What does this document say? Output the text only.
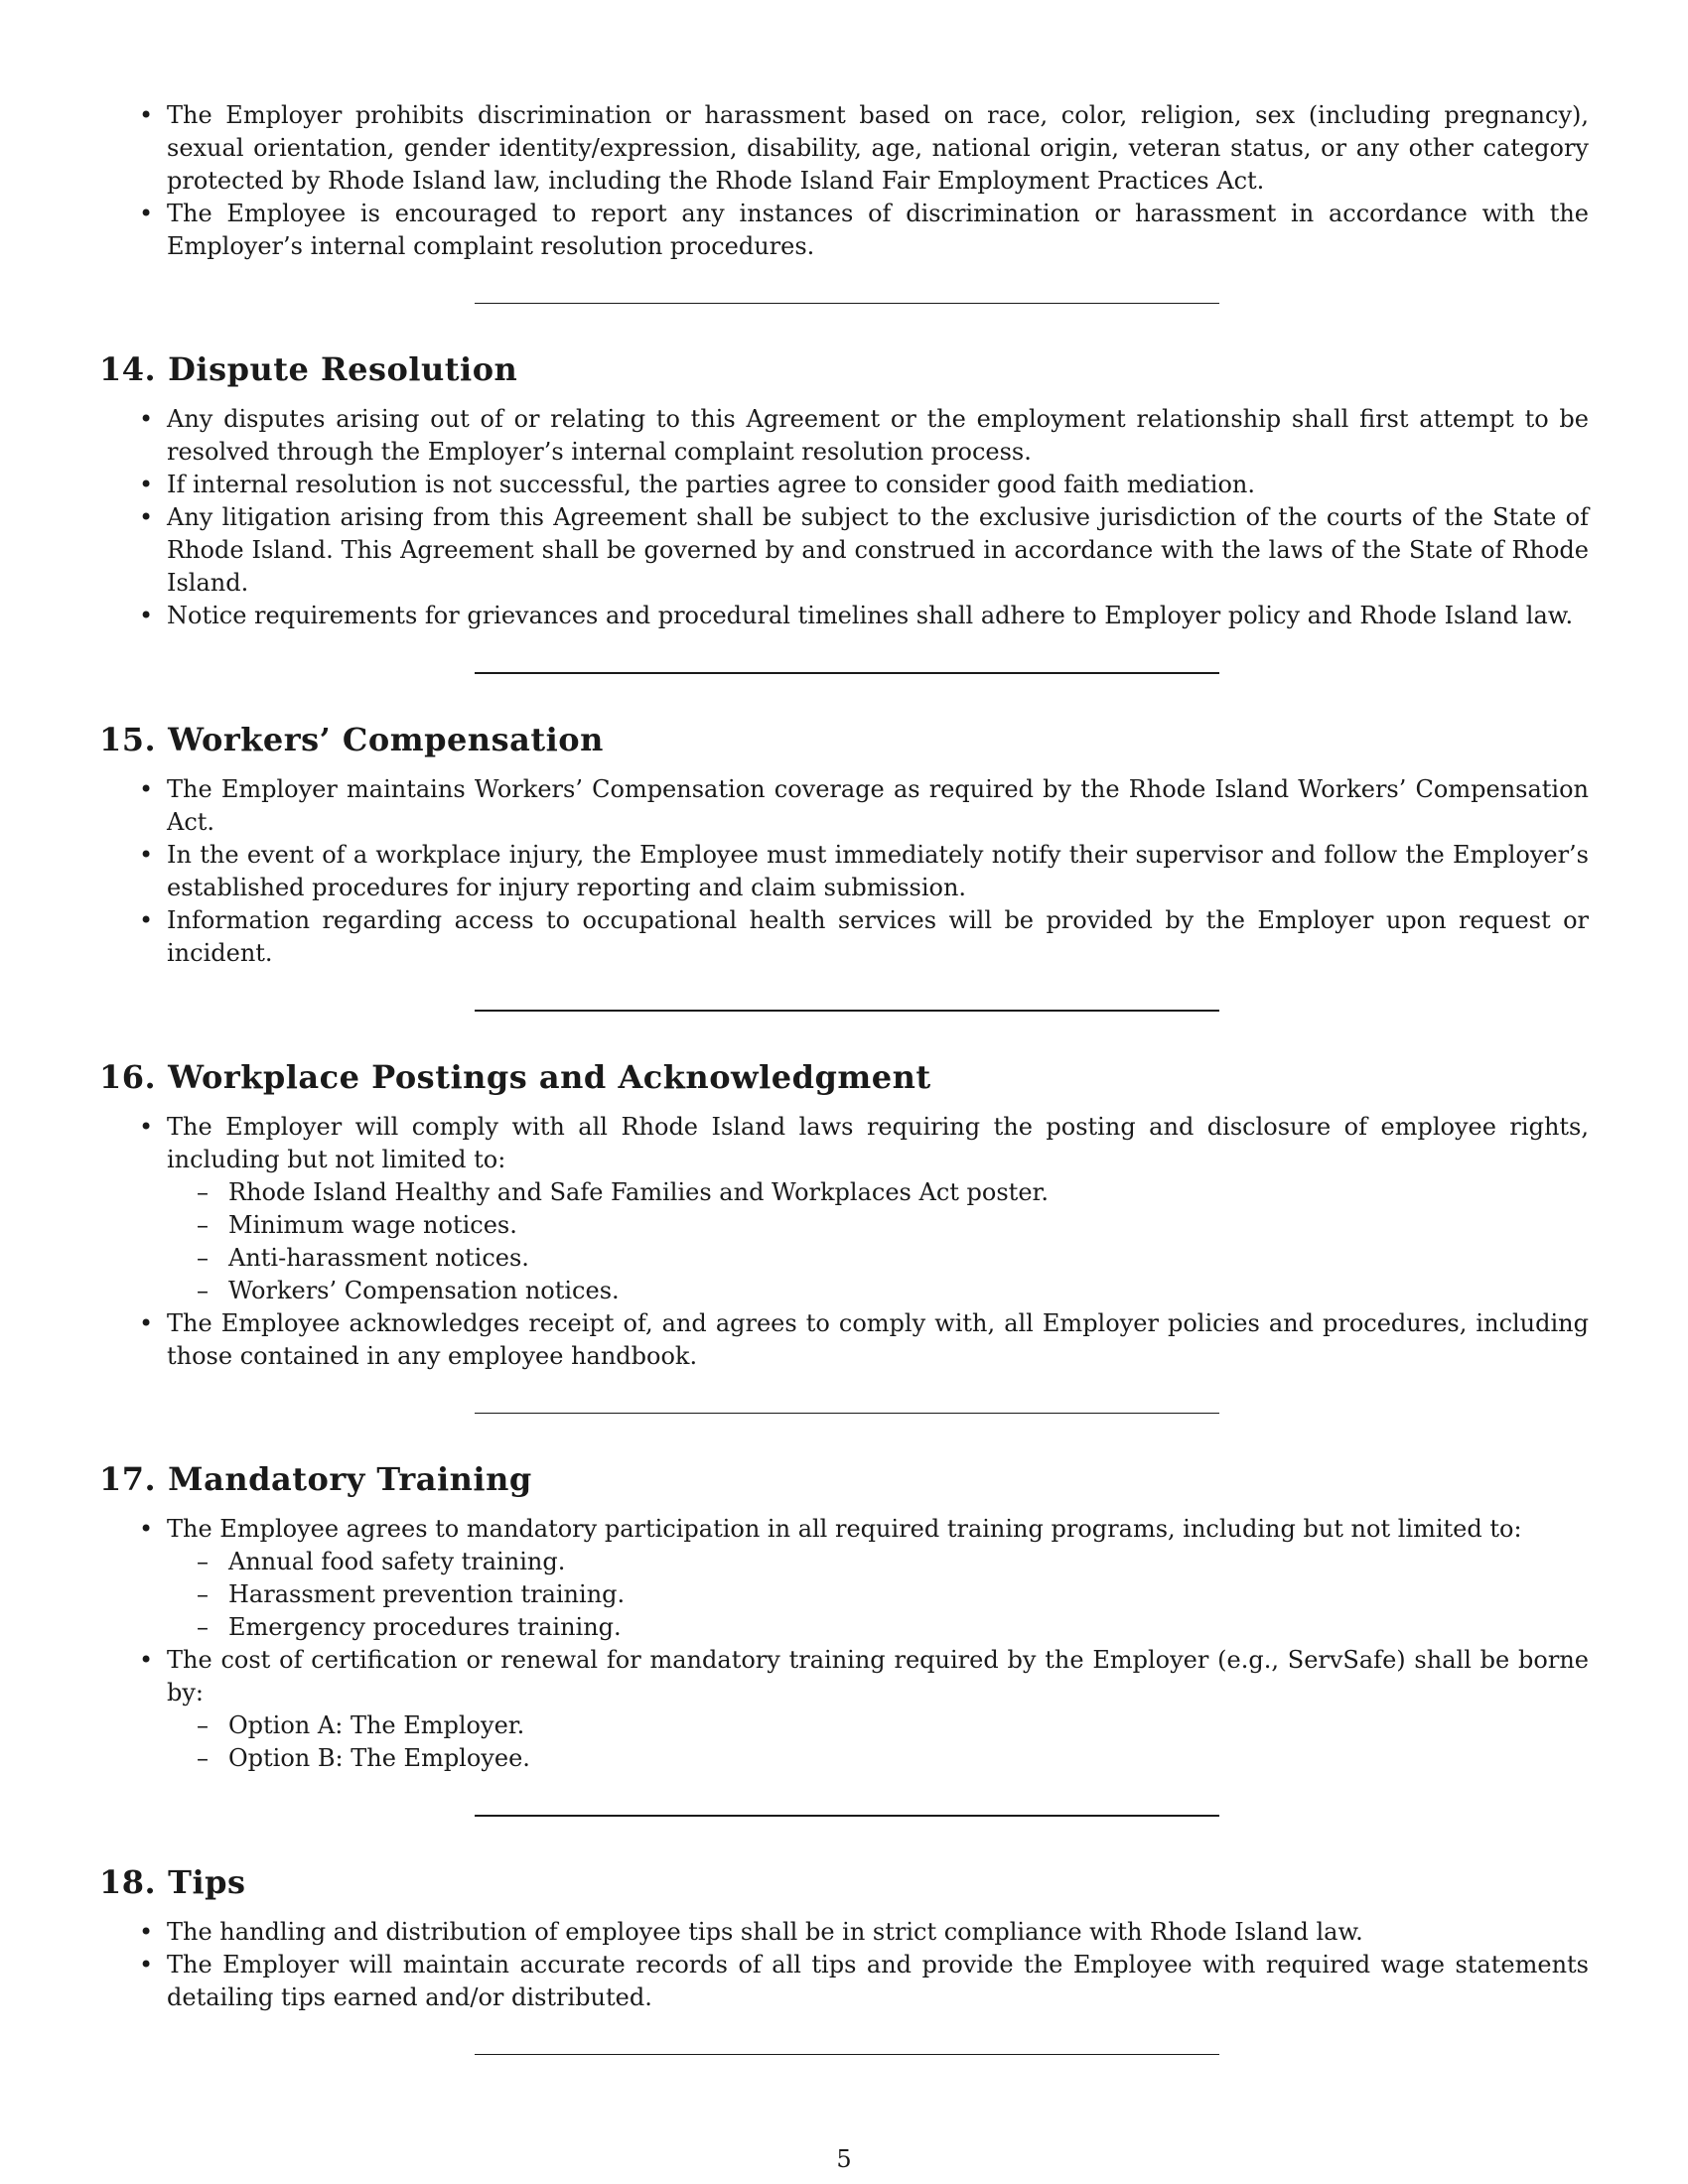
• The Employer prohibits discrimination or harassment based on race, color, religion, sex (including pregnancy), sexual orientation, gender identity/expression, disability, age, national origin, veteran status, or any other category protected by Rhode Island law, including the Rhode Island Fair Employment Practices Act.
• The Employee is encouraged to report any instances of discrimination or harassment in accordance with the Employer’s internal complaint resolution procedures.
14. Dispute Resolution
• Any disputes arising out of or relating to this Agreement or the employment relationship shall first attempt to be resolved through the Employer’s internal complaint resolution process.
• If internal resolution is not successful, the parties agree to consider good faith mediation.
• Any litigation arising from this Agreement shall be subject to the exclusive jurisdiction of the courts of the State of Rhode Island. This Agreement shall be governed by and construed in accordance with the laws of the State of Rhode Island.
• Notice requirements for grievances and procedural timelines shall adhere to Employer policy and Rhode Island law.
15. Workers’ Compensation
• The Employer maintains Workers’ Compensation coverage as required by the Rhode Island Workers’ Compensation Act.
• In the event of a workplace injury, the Employee must immediately notify their supervisor and follow the Employer’s established procedures for injury reporting and claim submission.
• Information regarding access to occupational health services will be provided by the Employer upon request or incident.
16. Workplace Postings and Acknowledgment
• The Employer will comply with all Rhode Island laws requiring the posting and disclosure of employee rights, including but not limited to:
– Rhode Island Healthy and Safe Families and Workplaces Act poster.
– Minimum wage notices.
– Anti-harassment notices.
– Workers’ Compensation notices.
• The Employee acknowledges receipt of, and agrees to comply with, all Employer policies and procedures, including those contained in any employee handbook.
17. Mandatory Training
• The Employee agrees to mandatory participation in all required training programs, including but not limited to:
– Annual food safety training.
– Harassment prevention training.
– Emergency procedures training.
• The cost of certification or renewal for mandatory training required by the Employer (e.g., ServSafe) shall be borne by:
– Option A: The Employer.
– Option B: The Employee.
18. Tips
• The handling and distribution of employee tips shall be in strict compliance with Rhode Island law.
• The Employer will maintain accurate records of all tips and provide the Employee with required wage statements detailing tips earned and/or distributed.
5
